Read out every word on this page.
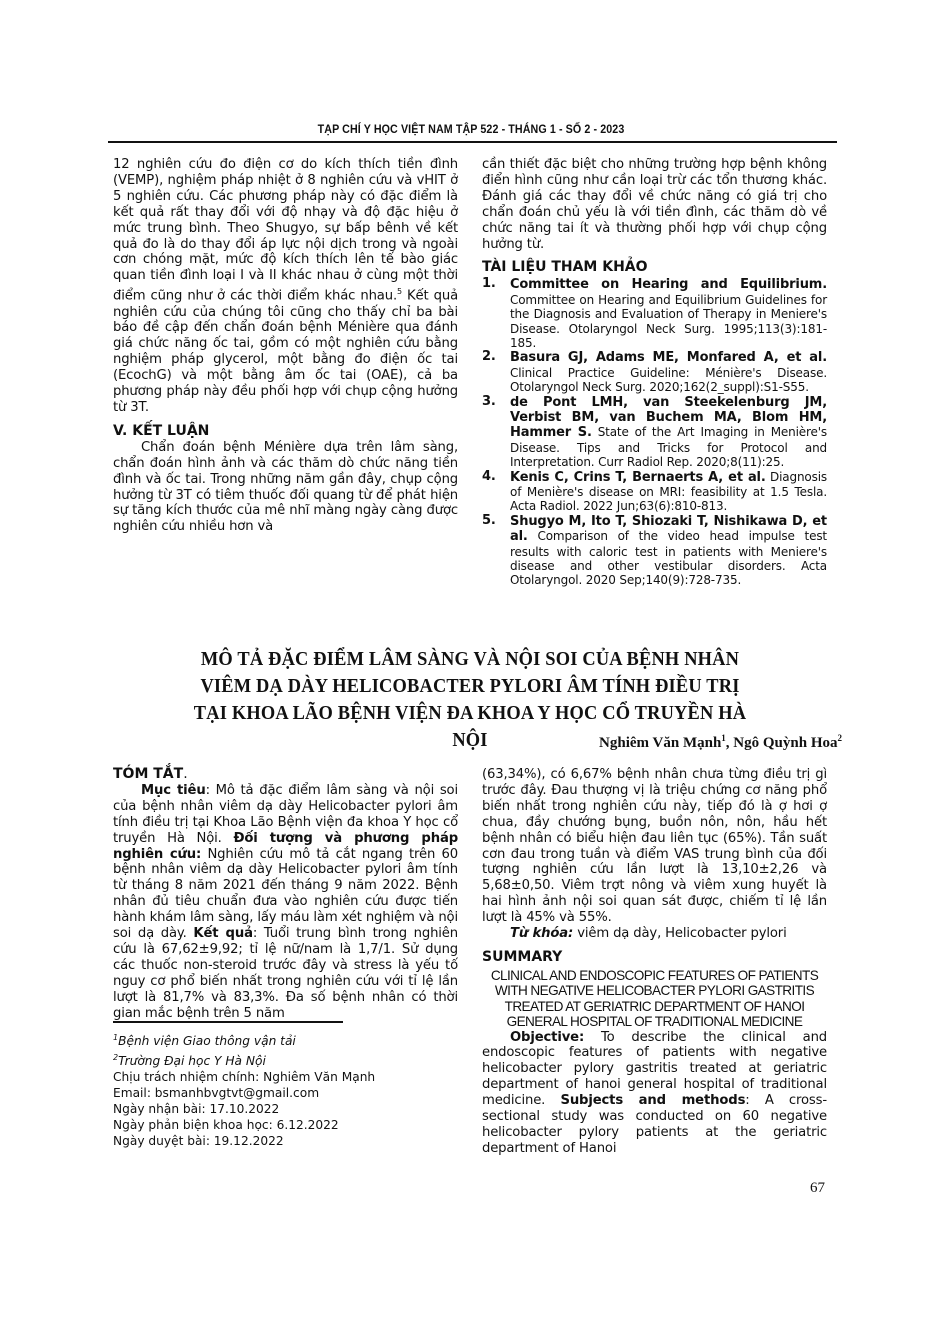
TẠP CHÍ Y HỌC VIỆT NAM TẬP 522 - THÁNG 1 - SỐ 2 - 2023

12 nghiên cứu đo điện cơ do kích thích tiền đình (VEMP), nghiệm pháp nhiệt ở 8 nghiên cứu và vHIT ở 5 nghiên cứu. Các phương pháp này có đặc điểm là kết quả rất thay đổi với độ nhạy và độ đặc hiệu ở mức trung bình. Theo Shugyo, sự bấp bênh về kết quả đo là do thay đổi áp lực nội dịch trong và ngoài cơn chóng mặt, mức độ kích thích lên tế bào giác quan tiền đình loại I và II khác nhau ở cùng một thời điểm cũng như ở các thời điểm khác nhau.$^5$ Kết quả nghiên cứu của chúng tôi cũng cho thấy chỉ ba bài báo đề cập đến chẩn đoán bệnh Ménière qua đánh giá chức năng ốc tai, gồm có một nghiên cứu bằng nghiệm pháp glycerol, một bằng đo điện ốc tai (EcochG) và một bằng âm ốc tai (OAE), cả ba phương pháp này đều phối hợp với chụp cộng hưởng từ 3T.

V. KẾT LUẬN

Chẩn đoán bệnh Ménière dựa trên lâm sàng, chẩn đoán hình ảnh và các thăm dò chức năng tiền đình và ốc tai. Trong những năm gần đây, chụp cộng hưởng từ 3T có tiêm thuốc đối quang từ để phát hiện sự tăng kích thước của mê nhĩ màng ngày càng được nghiên cứu nhiều hơn và

cần thiết đặc biệt cho những trường hợp bệnh không điển hình cũng như cần loại trừ các tổn thương khác. Đánh giá các thay đổi về chức năng có giá trị cho chẩn đoán chủ yếu là với tiền đình, các thăm dò về chức năng tai ít và thường phối hợp với chụp cộng hưởng từ.

TÀI LIỆU THAM KHẢO

1.	Committee on Hearing and Equilibrium. Committee on Hearing and Equilibrium Guidelines for the Diagnosis and Evaluation of Therapy in Meniere's Disease. Otolaryngol Neck Surg. 1995;113(3):181-185.
2.	Basura GJ, Adams ME, Monfared A, et al. Clinical Practice Guideline: Ménière's Disease. Otolaryngol Neck Surg. 2020;162(2_suppl):S1-S55.
3.	de Pont LMH, van Steekelenburg JM, Verbist BM, van Buchem MA, Blom HM, Hammer S. State of the Art Imaging in Menière's Disease. Tips and Tricks for Protocol and Interpretation. Curr Radiol Rep. 2020;8(11):25.
4.	Kenis C, Crins T, Bernaerts A, et al. Diagnosis of Menière's disease on MRI: feasibility at 1.5 Tesla. Acta Radiol. 2022 Jun;63(6):810-813.
5.	Shugyo M, Ito T, Shiozaki T, Nishikawa D, et al. Comparison of the video head impulse test results with caloric test in patients with Meniere's disease and other vestibular disorders. Acta Otolaryngol. 2020 Sep;140(9):728-735.
MÔ TẢ ĐẶC ĐIỂM LÂM SÀNG VÀ NỘI SOI CỦA BỆNH NHÂN
VIÊM DẠ DÀY HELICOBACTER PYLORI ÂM TÍNH ĐIỀU TRỊ
TẠI KHOA LÃO BỆNH VIỆN ĐA KHOA Y HỌC CỔ TRUYỀN HÀ NỘI	Nghiêm Văn Mạnh$^1$, Ngô Quỳnh Hoa$^2$

TÓM TẮT.

Mục tiêu: Mô tả đặc điểm lâm sàng và nội soi của bệnh nhân viêm dạ dày Helicobacter pylori âm tính điều trị tại Khoa Lão Bệnh viện đa khoa Y học cổ truyền Hà Nội. Đối tượng và phương pháp nghiên cứu: Nghiên cứu mô tả cắt ngang trên 60 bệnh nhân viêm dạ dày Helicobacter pylori âm tính từ tháng 8 năm 2021 đến tháng 9 năm 2022. Bệnh nhân đủ tiêu chuẩn đưa vào nghiên cứu được tiến hành khám lâm sàng, lấy máu làm xét nghiệm và nội soi dạ dày. Kết quả: Tuổi trung bình trong nghiên cứu là 67,62±9,92; tỉ lệ nữ/nam là 1,7/1. Sử dụng các thuốc non-steroid trước đây và stress là yếu tố nguy cơ phổ biến nhất trong nghiên cứu với tỉ lệ lần lượt là 81,7% và 83,3%. Đa số bệnh nhân có thời gian mắc bệnh trên 5 năm

$^1$Bệnh viện Giao thông vận tải
$^2$Trường Đại học Y Hà Nội
Chịu trách nhiệm chính: Nghiêm Văn Mạnh
Email: bsmanhbvgtvt@gmail.com
Ngày nhận bài: 17.10.2022
Ngày phản biện khoa học: 6.12.2022
Ngày duyệt bài: 19.12.2022

(63,34%), có 6,67% bệnh nhân chưa từng điều trị gì trước đây. Đau thượng vị là triệu chứng cơ năng phổ biến nhất trong nghiên cứu này, tiếp đó là ợ hơi ợ chua, đầy chướng bụng, buồn nôn, nôn, hầu hết bệnh nhân có biểu hiện đau liên tục (65%). Tần suất cơn đau trong tuần và điểm VAS trung bình của đối tượng nghiên cứu lần lượt là 13,10±2,26 và 5,68±0,50. Viêm trợt nông và viêm xung huyết là hai hình ảnh nội soi quan sát được, chiếm tỉ lệ lần lượt là 45% và 55%.

Từ khóa: viêm dạ dày, Helicobacter pylori

SUMMARY

CLINICAL AND ENDOSCOPIC FEATURES OF PATIENTS WITH NEGATIVE HELICOBACTER PYLORI GASTRITIS TREATED AT GERIATRIC DEPARTMENT OF HANOI GENERAL HOSPITAL OF TRADITIONAL MEDICINE

Objective: To describe the clinical and endoscopic features of patients with negative helicobacter pylory gastritis treated at geriatric department of hanoi general hospital of traditional medicine. Subjects and methods: A cross-sectional study was conducted on 60 negative helicobacter pylory patients at the geriatric department of Hanoi

67
